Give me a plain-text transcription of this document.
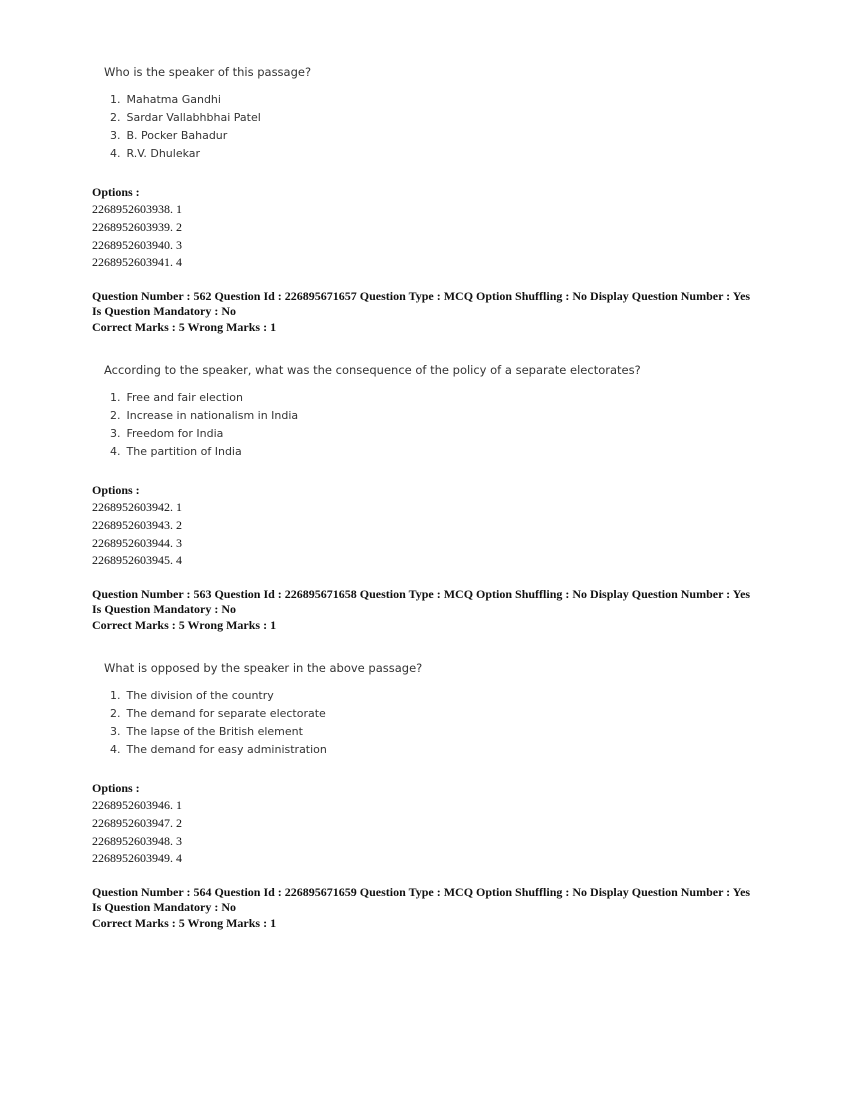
Who is the speaker of this passage?

1. Mahatma Gandhi
2. Sardar Vallabhbhai Patel
3. B. Pocker Bahadur
4. R.V. Dhulekar

Options :

2268952603938. 1
2268952603939. 2
2268952603940. 3
2268952603941. 4

Question Number : 562 Question Id : 226895671657 Question Type : MCQ Option Shuffling : No Display Question Number : Yes Is Question Mandatory : No

Correct Marks : 5 Wrong Marks : 1

According to the speaker, what was the consequence of the policy of a separate electorates?

1. Free and fair election
2. Increase in nationalism in India
3. Freedom for India
4. The partition of India

Options :

2268952603942. 1
2268952603943. 2
2268952603944. 3
2268952603945. 4

Question Number : 563 Question Id : 226895671658 Question Type : MCQ Option Shuffling : No Display Question Number : Yes Is Question Mandatory : No

Correct Marks : 5 Wrong Marks : 1

What is opposed by the speaker in the above passage?

1. The division of the country
2. The demand for separate electorate
3. The lapse of the British element
4. The demand for easy administration

Options :

2268952603946. 1
2268952603947. 2
2268952603948. 3
2268952603949. 4

Question Number : 564 Question Id : 226895671659 Question Type : MCQ Option Shuffling : No Display Question Number : Yes Is Question Mandatory : No

Correct Marks : 5 Wrong Marks : 1
